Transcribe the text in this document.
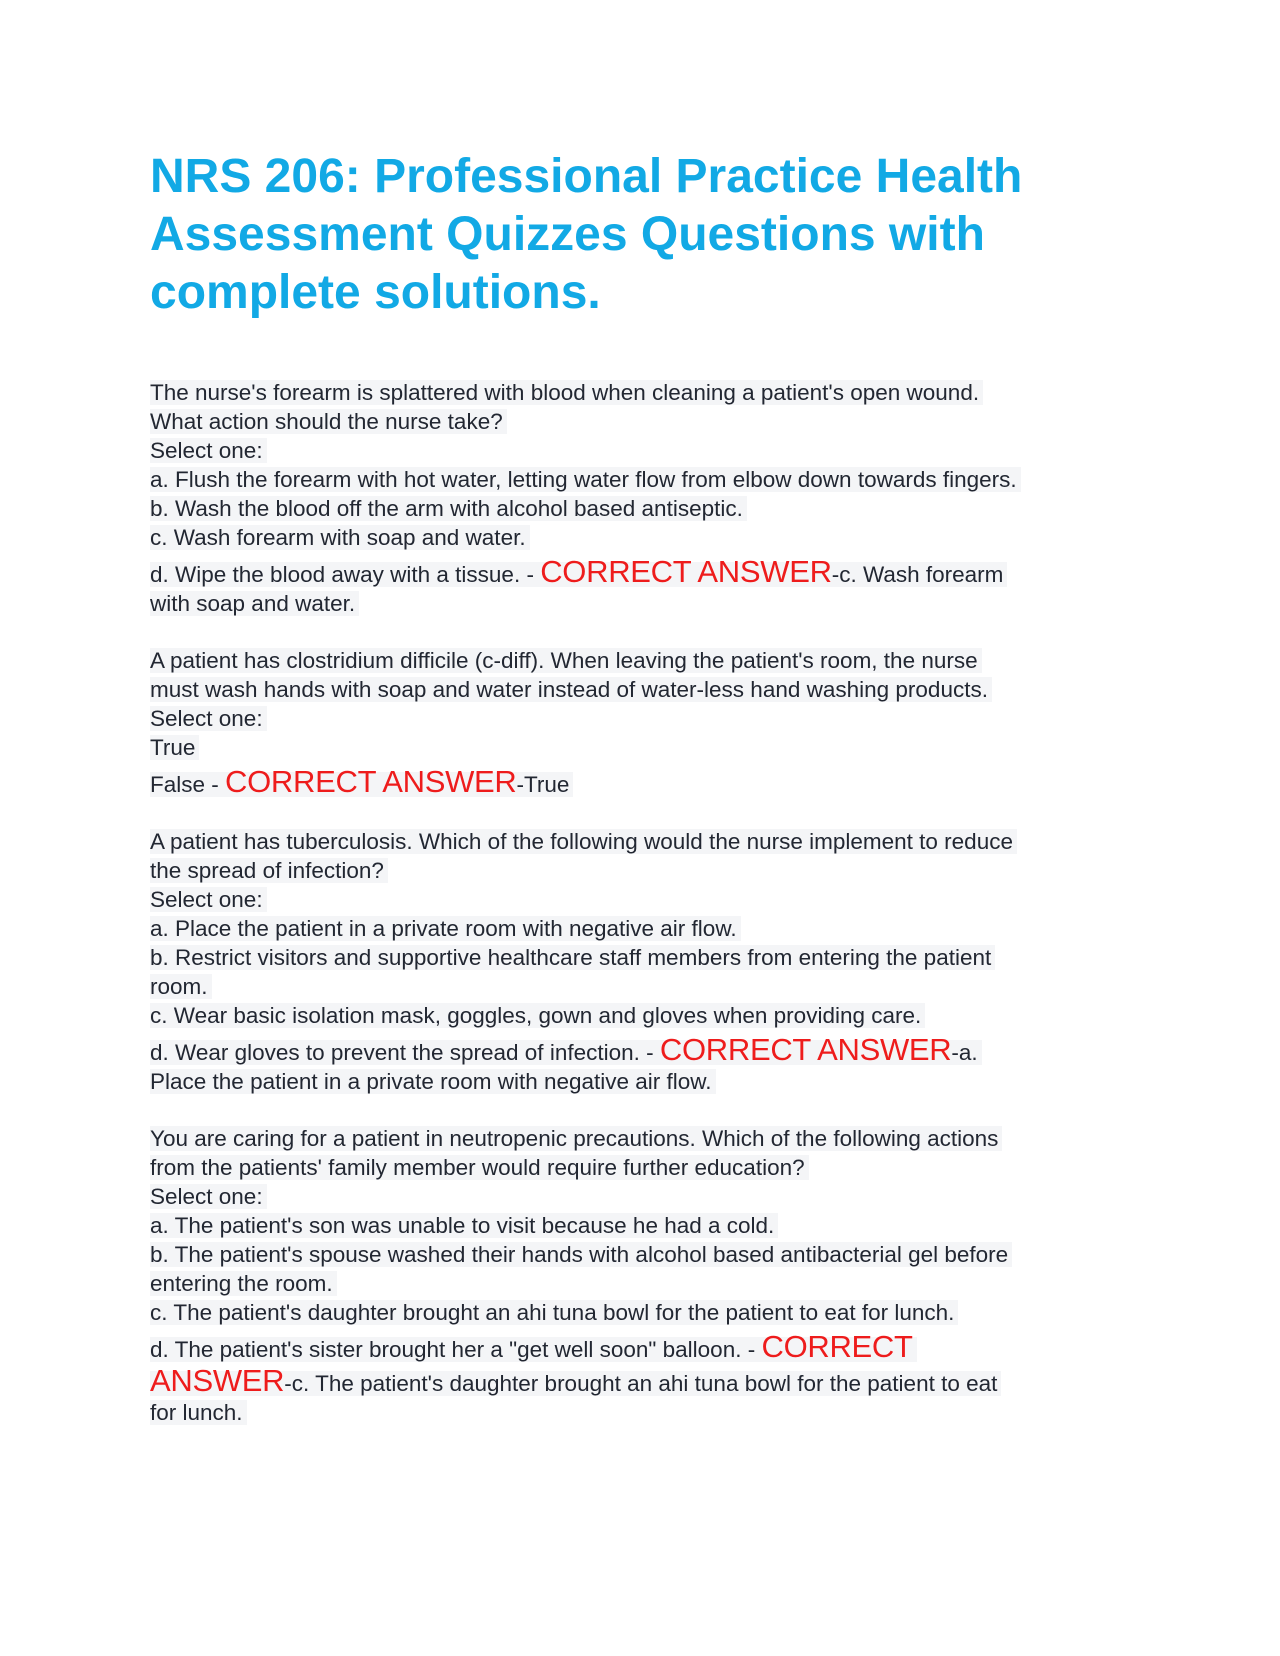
NRS 206: Professional Practice Health Assessment Quizzes Questions with complete solutions.
The nurse's forearm is splattered with blood when cleaning a patient's open wound.
What action should the nurse take?
Select one:
a. Flush the forearm with hot water, letting water flow from elbow down towards fingers.
b. Wash the blood off the arm with alcohol based antiseptic.
c. Wash forearm with soap and water.
d. Wipe the blood away with a tissue. - CORRECT ANSWER-c. Wash forearm
with soap and water.
A patient has clostridium difficile (c-diff). When leaving the patient's room, the nurse
must wash hands with soap and water instead of water-less hand washing products.
Select one:
True
False - CORRECT ANSWER-True
A patient has tuberculosis. Which of the following would the nurse implement to reduce
the spread of infection?
Select one:
a. Place the patient in a private room with negative air flow.
b. Restrict visitors and supportive healthcare staff members from entering the patient
room.
c. Wear basic isolation mask, goggles, gown and gloves when providing care.
d. Wear gloves to prevent the spread of infection. - CORRECT ANSWER-a.
Place the patient in a private room with negative air flow.
You are caring for a patient in neutropenic precautions. Which of the following actions
from the patients' family member would require further education?
Select one:
a. The patient's son was unable to visit because he had a cold.
b. The patient's spouse washed their hands with alcohol based antibacterial gel before
entering the room.
c. The patient's daughter brought an ahi tuna bowl for the patient to eat for lunch.
d. The patient's sister brought her a "get well soon" balloon. - CORRECT
ANSWER-c. The patient's daughter brought an ahi tuna bowl for the patient to eat
for lunch.
